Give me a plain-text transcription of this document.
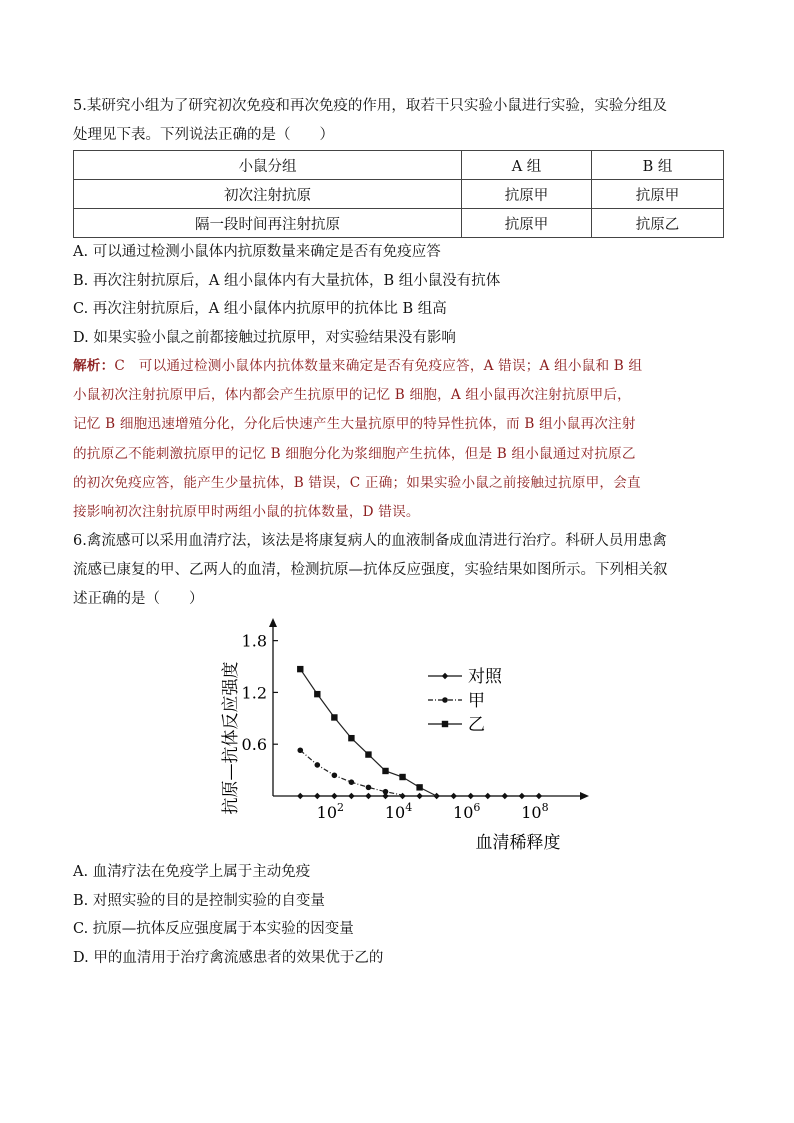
5.某研究小组为了研究初次免疫和再次免疫的作用，取若干只实验小鼠进行实验，实验分组及
处理见下表。下列说法正确的是（　　）
小鼠分组	A 组	B 组
初次注射抗原	抗原甲	抗原甲
隔一段时间再注射抗原	抗原甲	抗原乙
A. 可以通过检测小鼠体内抗原数量来确定是否有免疫应答
B. 再次注射抗原后，A 组小鼠体内有大量抗体，B 组小鼠没有抗体
C. 再次注射抗原后，A 组小鼠体内抗原甲的抗体比 B 组高
D. 如果实验小鼠之前都接触过抗原甲，对实验结果没有影响
解析：C　可以通过检测小鼠体内抗体数量来确定是否有免疫应答，A 错误；A 组小鼠和 B 组
小鼠初次注射抗原甲后，体内都会产生抗原甲的记忆 B 细胞，A 组小鼠再次注射抗原甲后，
记忆 B 细胞迅速增殖分化，分化后快速产生大量抗原甲的特异性抗体，而 B 组小鼠再次注射
的抗原乙不能刺激抗原甲的记忆 B 细胞分化为浆细胞产生抗体，但是 B 组小鼠通过对抗原乙
的初次免疫应答，能产生少量抗体，B 错误，C 正确；如果实验小鼠之前接触过抗原甲，会直
接影响初次注射抗原甲时两组小鼠的抗体数量，D 错误。
6.禽流感可以采用血清疗法，该法是将康复病人的血液制备成血清进行治疗。科研人员用患禽
流感已康复的甲、乙两人的血清，检测抗原—抗体反应强度，实验结果如图所示。下列相关叙
述正确的是（　　）
0.6
1.2
1.8
$10^2$	$10^4$	$10^6$	$10^8$
对照
甲
乙
抗原—抗体反应强度
血清稀释度
A. 血清疗法在免疫学上属于主动免疫
B. 对照实验的目的是控制实验的自变量
C. 抗原—抗体反应强度属于本实验的因变量
D. 甲的血清用于治疗禽流感患者的效果优于乙的
